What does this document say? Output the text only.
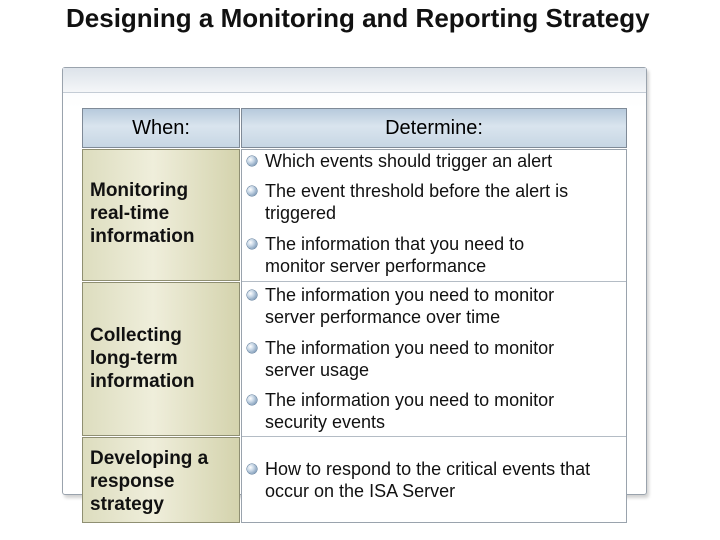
Designing a Monitoring and Reporting Strategy
When:	Determine:
Monitoring real-time information
Collecting long-term information
Developing a response strategy
Which events should trigger an alert
The event threshold before the alert is triggered
The information that you need to monitor server performance
The information you need to monitor server performance over time
The information you need to monitor server usage
The information you need to monitor security events
How to respond to the critical events that occur on the ISA Server
